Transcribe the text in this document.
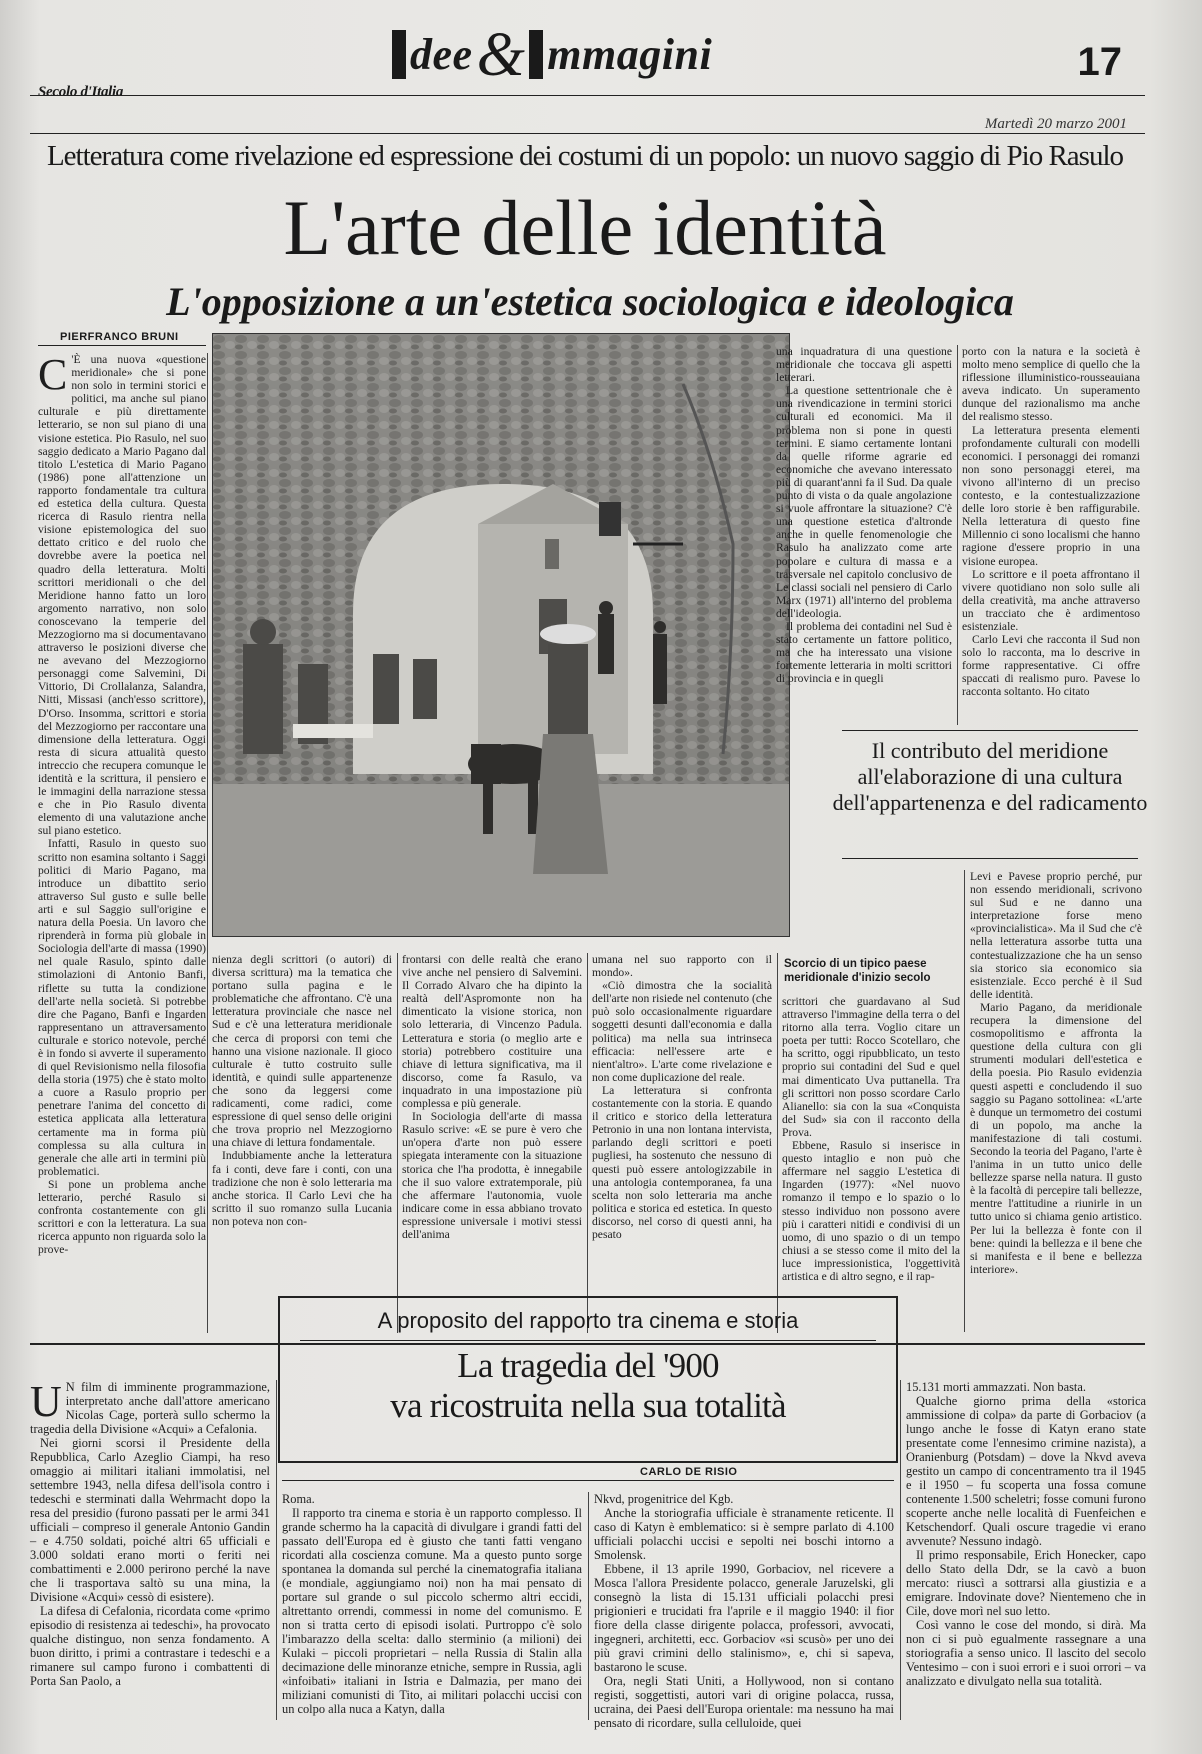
Secolo d'Italia
dee& mmagini	17
Martedì 20 marzo 2001
Letteratura come rivelazione ed espressione dei costumi di un popolo: un nuovo saggio di Pio Rasulo
L'arte delle identità
L'opposizione a un'estetica sociologica e ideologica
PIERFRANCO BRUNI

C 'È una nuova «questione meridionale» che si pone non solo in termini storici e politici, ma anche sul piano culturale e più direttamente letterario, se non sul piano di una visione estetica. Pio Rasulo, nel suo saggio dedicato a Mario Pagano dal titolo L'estetica di Mario Pagano (1986) pone all'attenzione un rapporto fondamentale tra cultura ed estetica della cultura. Questa ricerca di Rasulo rientra nella visione epistemologica del suo dettato critico e del ruolo che dovrebbe avere la poetica nel quadro della letteratura. Molti scrittori meridionali o che del Meridione hanno fatto un loro argomento narrativo, non solo conoscevano la temperie del Mezzogiorno ma si documentavano attraverso le posizioni diverse che ne avevano del Mezzogiorno personaggi come Salvemini, Di Vittorio, Di Crollalanza, Salandra, Nitti, Missasi (anch'esso scrittore), D'Orso. Insomma, scrittori e storia del Mezzogiorno per raccontare una dimensione della letteratura. Oggi resta di sicura attualità questo intreccio che recupera comunque le identità e la scrittura, il pensiero e le immagini della narrazione stessa e che in Pio Rasulo diventa elemento di una valutazione anche sul piano estetico.

Infatti, Rasulo in questo suo scritto non esamina soltanto i Saggi politici di Mario Pagano, ma introduce un dibattito serio attraverso Sul gusto e sulle belle arti e sul Saggio sull'origine e natura della Poesia. Un lavoro che riprenderà in forma più globale in Sociologia dell'arte di massa (1990) nel quale Rasulo, spinto dalle stimolazioni di Antonio Banfi, riflette su tutta la condizione dell'arte nella società. Si potrebbe dire che Pagano, Banfi e Ingarden rappresentano un attraversamento culturale e storico notevole, perché è in fondo si avverte il superamento di quel Revisionismo nella filosofia della storia (1975) che è stato molto a cuore a Rasulo proprio per penetrare l'anima del concetto di estetica applicata alla letteratura certamente ma in forma più complessa su alla cultura in generale che alle arti in termini più problematici.

Si pone un problema anche letterario, perché Rasulo si confronta costantemente con gli scrittori e con la letteratura. La sua ricerca appunto non riguarda solo la prove-

Scorcio di un tipico paese meridionale d'inizio secolo

nienza degli scrittori (o autori) di diversa scrittura) ma la tematica che portano sulla pagina e le problematiche che affrontano. C'è una letteratura provinciale che nasce nel Sud e c'è una letteratura meridionale che cerca di proporsi con temi che hanno una visione nazionale. Il gioco culturale è tutto costruito sulle identità, e quindi sulle appartenenze che sono da leggersi come radicamenti, come radici, come espressione di quel senso delle origini che trova proprio nel Mezzogiorno una chiave di lettura fondamentale.

Indubbiamente anche la letteratura fa i conti, deve fare i conti, con una tradizione che non è solo letteraria ma anche storica. Il Carlo Levi che ha scritto il suo romanzo sulla Lucania non poteva non con-

frontarsi con delle realtà che erano vive anche nel pensiero di Salvemini. Il Corrado Alvaro che ha dipinto la realtà dell'Aspromonte non ha dimenticato la visione storica, non solo letteraria, di Vincenzo Padula. Letteratura e storia (o meglio arte e storia) potrebbero costituire una chiave di lettura significativa, ma il discorso, come fa Rasulo, va inquadrato in una impostazione più complessa e più generale.

In Sociologia dell'arte di massa Rasulo scrive: «E se pure è vero che un'opera d'arte non può essere spiegata interamente con la situazione storica che l'ha prodotta, è innegabile che il suo valore extratemporale, più che affermare l'autonomia, vuole indicare come in essa abbiano trovato espressione universale i motivi stessi dell'anima

umana nel suo rapporto con il mondo».

«Ciò dimostra che la socialità dell'arte non risiede nel contenuto (che può solo occasionalmente riguardare soggetti desunti dall'economia e dalla politica) ma nella sua intrinseca efficacia: nell'essere arte e nient'altro». L'arte come rivelazione e non come duplicazione del reale.

La letteratura si confronta costantemente con la storia. E quando il critico e storico della letteratura Petronio in una non lontana intervista, parlando degli scrittori e poeti pugliesi, ha sostenuto che nessuno di questi può essere antologizzabile in una antologia contemporanea, fa una scelta non solo letteraria ma anche politica e storica ed estetica. In questo discorso, nel corso di questi anni, ha pesato

una inquadratura di una questione meridionale che toccava gli aspetti letterari.

La questione settentrionale che è una rivendicazione in termini storici culturali ed economici. Ma il problema non si pone in questi termini. E siamo certamente lontani da quelle riforme agrarie ed economiche che avevano interessato più di quarant'anni fa il Sud. Da quale punto di vista o da quale angolazione si vuole affrontare la situazione? C'è una questione estetica d'altronde anche in quelle fenomenologie che Rasulo ha analizzato come arte popolare e cultura di massa e a trasversale nel capitolo conclusivo de Le classi sociali nel pensiero di Carlo Marx (1971) all'interno del problema dell'ideologia.

Il problema dei contadini nel Sud è stato certamente un fattore politico, ma che ha interessato una visione fortemente letteraria in molti scrittori di provincia e in quegli

porto con la natura e la società è molto meno semplice di quello che la riflessione illuministico-rousseauiana aveva indicato. Un superamento dunque del razionalismo ma anche del realismo stesso.

La letteratura presenta elementi profondamente culturali con modelli economici. I personaggi dei romanzi non sono personaggi eterei, ma vivono all'interno di un preciso contesto, e la contestualizzazione delle loro storie è ben raffigurabile. Nella letteratura di questo fine Millennio ci sono localismi che hanno ragione d'essere proprio in una visione europea.

Lo scrittore e il poeta affrontano il vivere quotidiano non solo sulle ali della creatività, ma anche attraverso un tracciato che è ardimentoso esistenziale.

Carlo Levi che racconta il Sud non solo lo racconta, ma lo descrive in forme rappresentative. Ci offre spaccati di realismo puro. Pavese lo racconta soltanto. Ho citato

Il contributo del meridione all'elaborazione di una cultura dell'appartenenza e del radicamento

scrittori che guardavano al Sud attraverso l'immagine della terra o del ritorno alla terra. Voglio citare un poeta per tutti: Rocco Scotellaro, che ha scritto, oggi ripubblicato, un testo proprio sui contadini del Sud e quel mai dimenticato Uva puttanella. Tra gli scrittori non posso scordare Carlo Alianello: sia con la sua «Conquista del Sud» sia con il racconto della Prova.

Ebbene, Rasulo si inserisce in questo intaglio e non può che affermare nel saggio L'estetica di Ingarden (1977): «Nel nuovo romanzo il tempo e lo spazio o lo stesso individuo non possono avere più i caratteri nitidi e condivisi di un uomo, di uno spazio o di un tempo chiusi a se stesso come il mito del la luce impressionistica, l'oggettività artistica e di altro segno, e il rap-

Levi e Pavese proprio perché, pur non essendo meridionali, scrivono sul Sud e ne danno una interpretazione forse meno «provincialistica». Ma il Sud che c'è nella letteratura assorbe tutta una contestualizzazione che ha un senso sia storico sia economico sia esistenziale. Ecco perché è il Sud delle identità.

Mario Pagano, da meridionale recupera la dimensione del cosmopolitismo e affronta la questione della cultura con gli strumenti modulari dell'estetica e della poesia. Pio Rasulo evidenzia questi aspetti e concludendo il suo saggio su Pagano sottolinea: «L'arte è dunque un termometro dei costumi di un popolo, ma anche la manifestazione di tali costumi. Secondo la teoria del Pagano, l'arte è l'anima in un tutto unico delle bellezze sparse nella natura. Il gusto è la facoltà di percepire tali bellezze, mentre l'attitudine a riunirle in un tutto unico si chiama genio artistico. Per lui la bellezza è fonte con il bene: quindi la bellezza e il bene che si manifesta e il bene e bellezza interiore».

A proposito del rapporto tra cinema e storia
La tragedia del '900
va ricostruita nella sua totalità
CARLO DE RISIO

U N film di imminente programmazione, interpretato anche dall'attore americano Nicolas Cage, porterà sullo schermo la tragedia della Divisione «Acqui» a Cefalonia.

Nei giorni scorsi il Presidente della Repubblica, Carlo Azeglio Ciampi, ha reso omaggio ai militari italiani immolatisi, nel settembre 1943, nella difesa dell'isola contro i tedeschi e sterminati dalla Wehrmacht dopo la resa del presidio (furono passati per le armi 341 ufficiali – compreso il generale Antonio Gandin – e 4.750 soldati, poiché altri 65 ufficiali e 3.000 soldati erano morti o feriti nei combattimenti e 2.000 perirono perché la nave che li trasportava saltò su una mina, la Divisione «Acqui» cessò di esistere).

La difesa di Cefalonia, ricordata come «primo episodio di resistenza ai tedeschi», ha provocato qualche distinguo, non senza fondamento. A buon diritto, i primi a contrastare i tedeschi e a rimanere sul campo furono i combattenti di Porta San Paolo, a

Roma.

Il rapporto tra cinema e storia è un rapporto complesso. Il grande schermo ha la capacità di divulgare i grandi fatti del passato dell'Europa ed è giusto che tanti fatti vengano ricordati alla coscienza comune. Ma a questo punto sorge spontanea la domanda sul perché la cinematografia italiana (e mondiale, aggiungiamo noi) non ha mai pensato di portare sul grande o sul piccolo schermo altri eccidi, altrettanto orrendi, commessi in nome del comunismo. E non si tratta certo di episodi isolati. Purtroppo c'è solo l'imbarazzo della scelta: dallo sterminio (a milioni) dei Kulaki – piccoli proprietari – nella Russia di Stalin alla decimazione delle minoranze etniche, sempre in Russia, agli «infoibati» italiani in Istria e Dalmazia, per mano dei miliziani comunisti di Tito, ai militari polacchi uccisi con un colpo alla nuca a Katyn, dalla

Nkvd, progenitrice del Kgb.

Anche la storiografia ufficiale è stranamente reticente. Il caso di Katyn è emblematico: si è sempre parlato di 4.100 ufficiali polacchi uccisi e sepolti nei boschi intorno a Smolensk.

Ebbene, il 13 aprile 1990, Gorbaciov, nel ricevere a Mosca l'allora Presidente polacco, generale Jaruzelski, gli consegnò la lista di 15.131 ufficiali polacchi presi prigionieri e trucidati fra l'aprile e il maggio 1940: il fior fiore della classe dirigente polacca, professori, avvocati, ingegneri, architetti, ecc. Gorbaciov «si scusò» per uno dei più gravi crimini dello stalinismo», e, chi si sapeva, bastarono le scuse.

Ora, negli Stati Uniti, a Hollywood, non si contano registi, soggettisti, autori vari di origine polacca, russa, ucraina, dei Paesi dell'Europa orientale: ma nessuno ha mai pensato di ricordare, sulla celluloide, quei

15.131 morti ammazzati. Non basta.

Qualche giorno prima della «storica ammissione di colpa» da parte di Gorbaciov (a lungo anche le fosse di Katyn erano state presentate come l'ennesimo crimine nazista), a Oranienburg (Potsdam) – dove la Nkvd aveva gestito un campo di concentramento tra il 1945 e il 1950 – fu scoperta una fossa comune contenente 1.500 scheletri; fosse comuni furono scoperte anche nelle località di Fuenfeichen e Ketschendorf. Quali oscure tragedie vi erano avvenute? Nessuno indagò.

Il primo responsabile, Erich Honecker, capo dello Stato della Ddr, se la cavò a buon mercato: riuscì a sottrarsi alla giustizia e a emigrare. Indovinate dove? Nientemeno che in Cile, dove morì nel suo letto.

Così vanno le cose del mondo, si dirà. Ma non ci si può egualmente rassegnare a una storiografia a senso unico. Il lascito del secolo Ventesimo – con i suoi errori e i suoi orrori – va analizzato e divulgato nella sua totalità.
